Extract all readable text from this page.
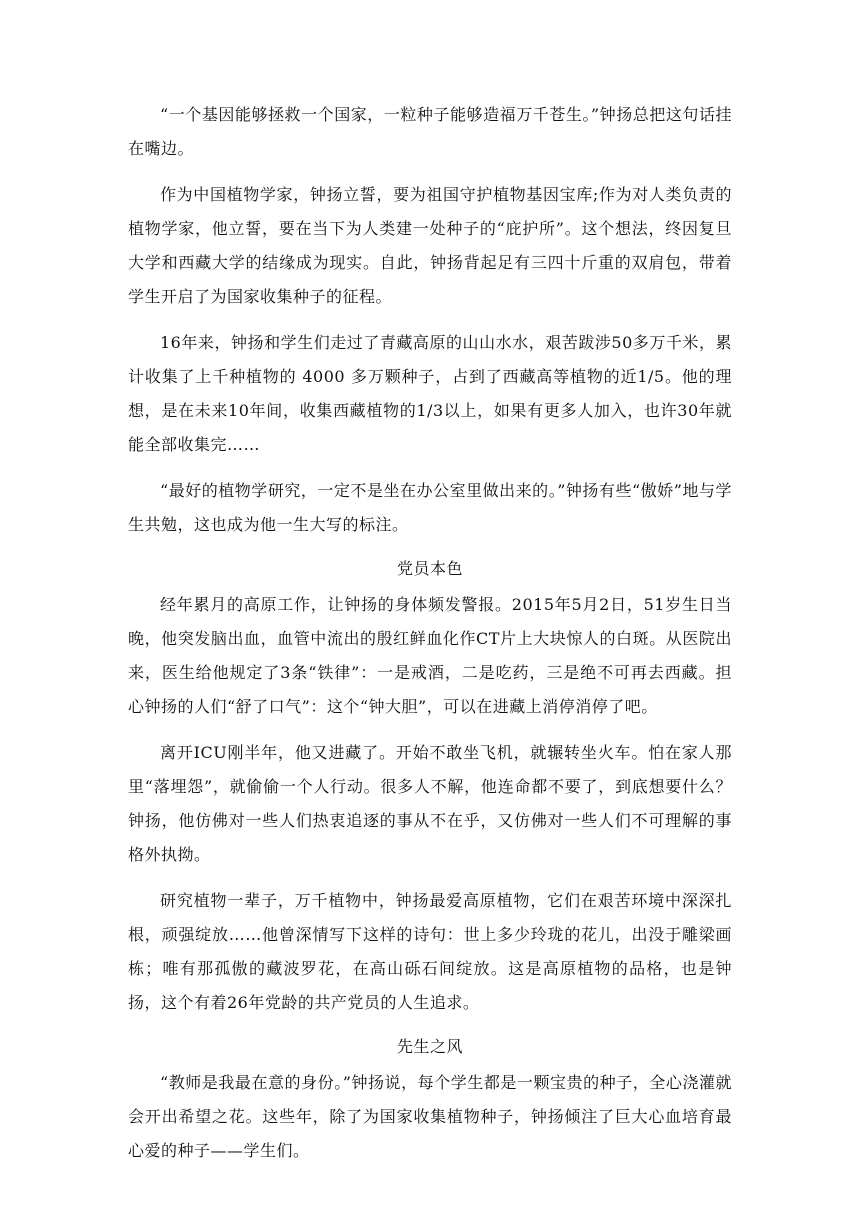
“一个基因能够拯救一个国家，一粒种子能够造福万千苍生。”钟扬总把这句话挂在嘴边。

作为中国植物学家，钟扬立誓，要为祖国守护植物基因宝库;作为对人类负责的植物学家，他立誓，要在当下为人类建一处种子的“庇护所”。这个想法，终因复旦大学和西藏大学的结缘成为现实。自此，钟扬背起足有三四十斤重的双肩包，带着学生开启了为国家收集种子的征程。

16年来，钟扬和学生们走过了青藏高原的山山水水，艰苦跋涉50多万千米，累计收集了上千种植物的 4000 多万颗种子，占到了西藏高等植物的近1/5。他的理想，是在未来10年间，收集西藏植物的1/3以上，如果有更多人加入，也许30年就能全部收集完……

“最好的植物学研究，一定不是坐在办公室里做出来的。”钟扬有些“傲娇”地与学生共勉，这也成为他一生大写的标注。

党员本色

经年累月的高原工作，让钟扬的身体频发警报。2015年5月2日，51岁生日当晚，他突发脑出血，血管中流出的殷红鲜血化作CT片上大块惊人的白斑。从医院出来，医生给他规定了3条“铁律”：一是戒酒，二是吃药，三是绝不可再去西藏。担心钟扬的人们“舒了口气”：这个“钟大胆”，可以在进藏上消停消停了吧。

离开ICU刚半年，他又进藏了。开始不敢坐飞机，就辗转坐火车。怕在家人那里“落埋怨”，就偷偷一个人行动。很多人不解，他连命都不要了，到底想要什么？钟扬，他仿佛对一些人们热衷追逐的事从不在乎，又仿佛对一些人们不可理解的事格外执拗。

研究植物一辈子，万千植物中，钟扬最爱高原植物，它们在艰苦环境中深深扎根，顽强绽放……他曾深情写下这样的诗句：世上多少玲珑的花儿，出没于雕梁画栋；唯有那孤傲的藏波罗花，在高山砾石间绽放。这是高原植物的品格，也是钟扬，这个有着26年党龄的共产党员的人生追求。

先生之风

“教师是我最在意的身份。”钟扬说，每个学生都是一颗宝贵的种子，全心浇灌就会开出希望之花。这些年，除了为国家收集植物种子，钟扬倾注了巨大心血培育最心爱的种子——学生们。
